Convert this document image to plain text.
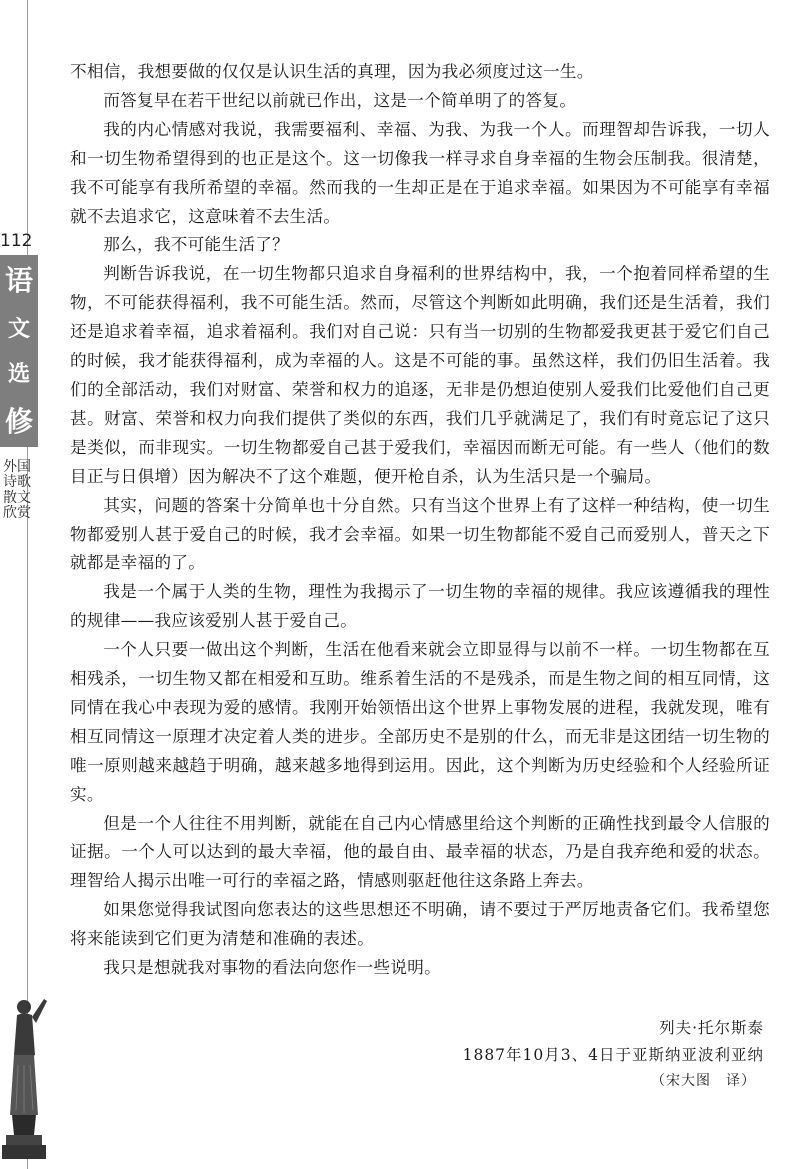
112
语
文
选
修
外国诗歌散文欣赏

不相信，我想要做的仅仅是认识生活的真理，因为我必须度过这一生。

而答复早在若干世纪以前就已作出，这是一个简单明了的答复。

我的内心情感对我说，我需要福利、幸福、为我、为我一个人。而理智却告诉我，一切人和一切生物希望得到的也正是这个。这一切像我一样寻求自身幸福的生物会压制我。很清楚，我不可能享有我所希望的幸福。然而我的一生却正是在于追求幸福。如果因为不可能享有幸福就不去追求它，这意味着不去生活。

那么，我不可能生活了？

判断告诉我说，在一切生物都只追求自身福利的世界结构中，我，一个抱着同样希望的生物，不可能获得福利，我不可能生活。然而，尽管这个判断如此明确，我们还是生活着，我们还是追求着幸福，追求着福利。我们对自己说：只有当一切别的生物都爱我更甚于爱它们自己的时候，我才能获得福利，成为幸福的人。这是不可能的事。虽然这样，我们仍旧生活着。我们的全部活动，我们对财富、荣誉和权力的追逐，无非是仍想迫使别人爱我们比爱他们自己更甚。财富、荣誉和权力向我们提供了类似的东西，我们几乎就满足了，我们有时竟忘记了这只是类似，而非现实。一切生物都爱自己甚于爱我们，幸福因而断无可能。有一些人（他们的数目正与日俱增）因为解决不了这个难题，便开枪自杀，认为生活只是一个骗局。

其实，问题的答案十分简单也十分自然。只有当这个世界上有了这样一种结构，使一切生物都爱别人甚于爱自己的时候，我才会幸福。如果一切生物都能不爱自己而爱别人，普天之下就都是幸福的了。

我是一个属于人类的生物，理性为我揭示了一切生物的幸福的规律。我应该遵循我的理性的规律——我应该爱别人甚于爱自己。

一个人只要一做出这个判断，生活在他看来就会立即显得与以前不一样。一切生物都在互相残杀，一切生物又都在相爱和互助。维系着生活的不是残杀，而是生物之间的相互同情，这同情在我心中表现为爱的感情。我刚开始领悟出这个世界上事物发展的进程，我就发现，唯有相互同情这一原理才决定着人类的进步。全部历史不是别的什么，而无非是这团结一切生物的唯一原则越来越趋于明确，越来越多地得到运用。因此，这个判断为历史经验和个人经验所证实。

但是一个人往往不用判断，就能在自己内心情感里给这个判断的正确性找到最令人信服的证据。一个人可以达到的最大幸福，他的最自由、最幸福的状态，乃是自我弃绝和爱的状态。理智给人揭示出唯一可行的幸福之路，情感则驱赶他往这条路上奔去。

如果您觉得我试图向您表达的这些思想还不明确，请不要过于严厉地责备它们。我希望您将来能读到它们更为清楚和准确的表述。

我只是想就我对事物的看法向您作一些说明。

列夫·托尔斯泰
1887年10月3、4日于亚斯纳亚波利亚纳
（宋大图　译）
